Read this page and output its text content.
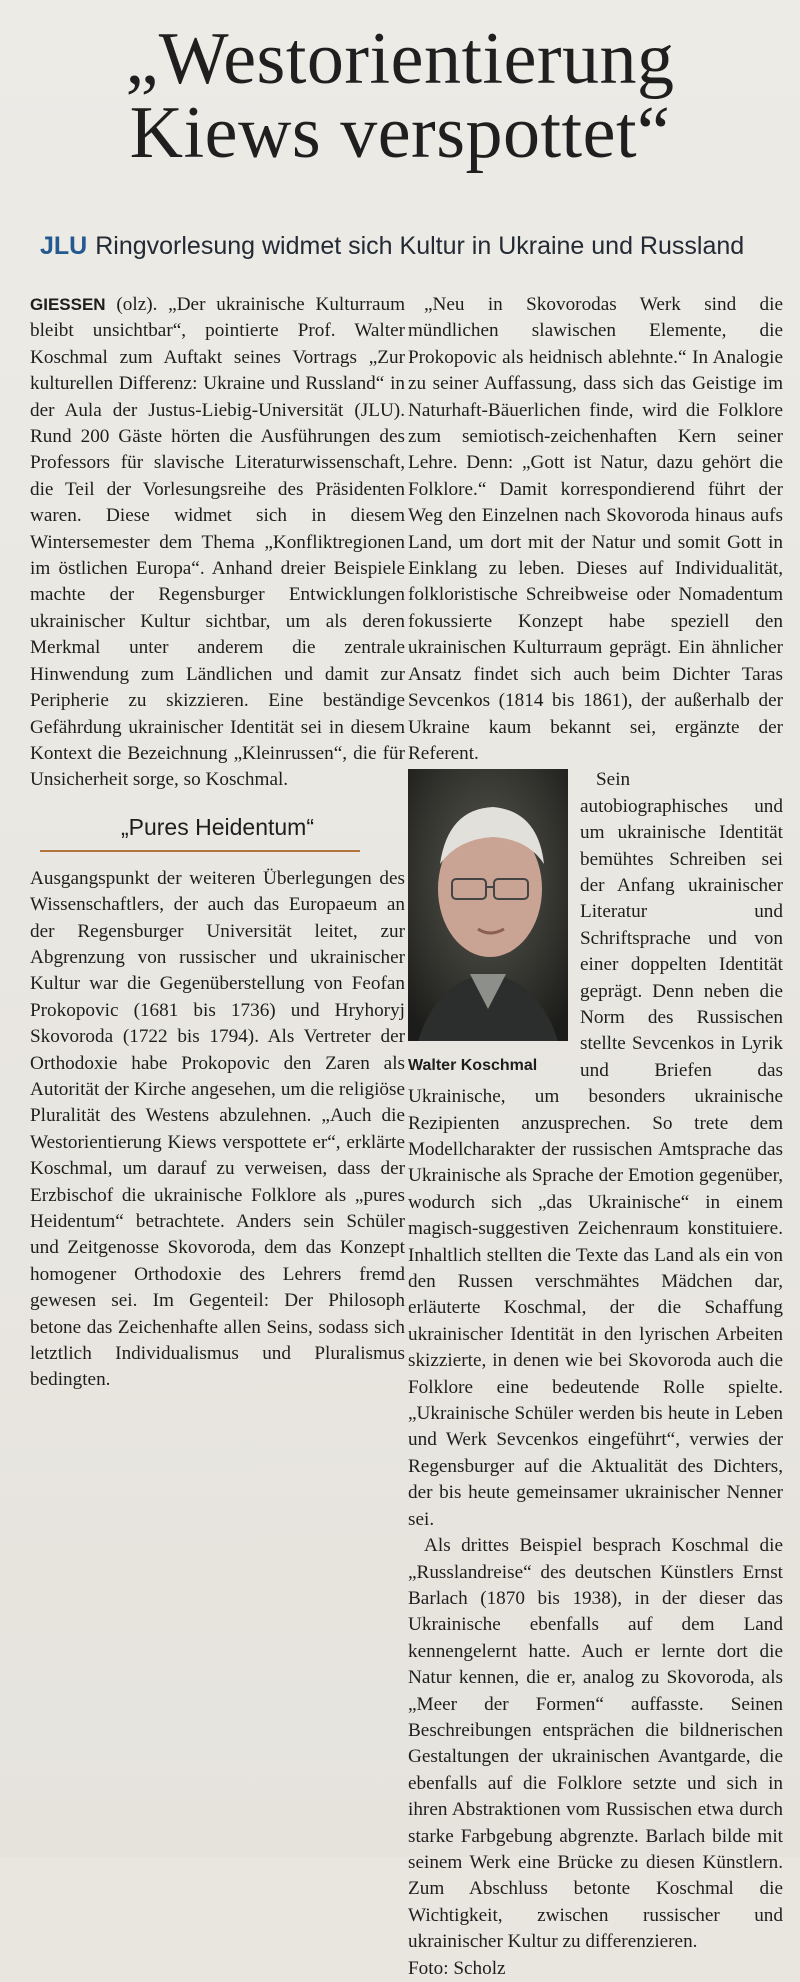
„Westorientierung
Kiews verspottet“
JLU Ringvorlesung widmet sich Kultur in Ukraine und Russland

GIESSEN (olz). „Der ukrainische Kulturraum bleibt unsichtbar“, pointierte Prof. Walter Koschmal zum Auftakt seines Vortrags „Zur kulturellen Differenz: Ukraine und Russland“ in der Aula der Justus-Liebig-Universität (JLU). Rund 200 Gäste hörten die Ausführungen des Professors für slavische Literaturwissenschaft, die Teil der Vorlesungsreihe des Präsidenten waren. Diese widmet sich in diesem Wintersemester dem Thema „Konfliktregionen im östlichen Europa“. Anhand dreier Beispiele machte der Regensburger Entwicklungen ukrainischer Kultur sichtbar, um als deren Merkmal unter anderem die zentrale Hinwendung zum Ländlichen und damit zur Peripherie zu skizzieren. Eine beständige Gefährdung ukrainischer Identität sei in diesem Kontext die Bezeichnung „Kleinrussen“, die für Unsicherheit sorge, so Koschmal.

„Pures Heidentum“

Ausgangspunkt der weiteren Überlegungen des Wissenschaftlers, der auch das Europaeum an der Regensburger Universität leitet, zur Abgrenzung von russischer und ukrainischer Kultur war die Gegenüberstellung von Feofan Prokopovic (1681 bis 1736) und Hryhoryj Skovoroda (1722 bis 1794). Als Vertreter der Orthodoxie habe Prokopovic den Zaren als Autorität der Kirche angesehen, um die religiöse Pluralität des Westens abzulehnen. „Auch die Westorientierung Kiews verspottete er“, erklärte Koschmal, um darauf zu verweisen, dass der Erzbischof die ukrainische Folklore als „pures Heidentum“ betrachtete. Anders sein Schüler und Zeitgenosse Skovoroda, dem das Konzept homogener Orthodoxie des Lehrers fremd gewesen sei. Im Gegenteil: Der Philosoph betone das Zeichenhafte allen Seins, sodass sich letztlich Individualismus und Pluralismus bedingten.

„Neu in Skovorodas Werk sind die mündlichen slawischen Elemente, die Prokopovic als heidnisch ablehnte.“ In Analogie zu seiner Auffassung, dass sich das Geistige im Naturhaft-Bäuerlichen finde, wird die Folklore zum semiotisch-zeichenhaften Kern seiner Lehre. Denn: „Gott ist Natur, dazu gehört die Folklore.“ Damit korrespondierend führt der Weg den Einzelnen nach Skovoroda hinaus aufs Land, um dort mit der Natur und somit Gott in Einklang zu leben. Dieses auf Individualität, folkloristische Schreibweise oder Nomadentum fokussierte Konzept habe speziell den ukrainischen Kulturraum geprägt. Ein ähnlicher Ansatz findet sich auch beim Dichter Taras Sevcenkos (1814 bis 1861), der außerhalb der Ukraine kaum bekannt sei, ergänzte der Referent.

Walter Koschmal

Sein autobiographisches und um ukrainische Identität bemühtes Schreiben sei der Anfang ukrainischer Literatur und Schriftsprache und von einer doppelten Identität geprägt. Denn neben die Norm des Russischen stellte Sevcenkos in Lyrik und Briefen das Ukrainische, um besonders ukrainische Rezipienten anzusprechen. So trete dem Modellcharakter der russischen Amtsprache das Ukrainische als Sprache der Emotion gegenüber, wodurch sich „das Ukrainische“ in einem magisch-suggestiven Zeichenraum konstituiere. Inhaltlich stellten die Texte das Land als ein von den Russen verschmähtes Mädchen dar, erläuterte Koschmal, der die Schaffung ukrainischer Identität in den lyrischen Arbeiten skizzierte, in denen wie bei Skovoroda auch die Folklore eine bedeutende Rolle spielte. „Ukrainische Schüler werden bis heute in Leben und Werk Sevcenkos eingeführt“, verwies der Regensburger auf die Aktualität des Dichters, der bis heute gemeinsamer ukrainischer Nenner sei.

Als drittes Beispiel besprach Koschmal die „Russlandreise“ des deutschen Künstlers Ernst Barlach (1870 bis 1938), in der dieser das Ukrainische ebenfalls auf dem Land kennengelernt hatte. Auch er lernte dort die Natur kennen, die er, analog zu Skovoroda, als „Meer der Formen“ auffasste. Seinen Beschreibungen entsprächen die bildnerischen Gestaltungen der ukrainischen Avantgarde, die ebenfalls auf die Folklore setzte und sich in ihren Abstraktionen vom Russischen etwa durch starke Farbgebung abgrenzte. Barlach bilde mit seinem Werk eine Brücke zu diesen Künstlern. Zum Abschluss betonte Koschmal die Wichtigkeit, zwischen russischer und ukrainischer Kultur zu differenzieren.

Foto: Scholz
